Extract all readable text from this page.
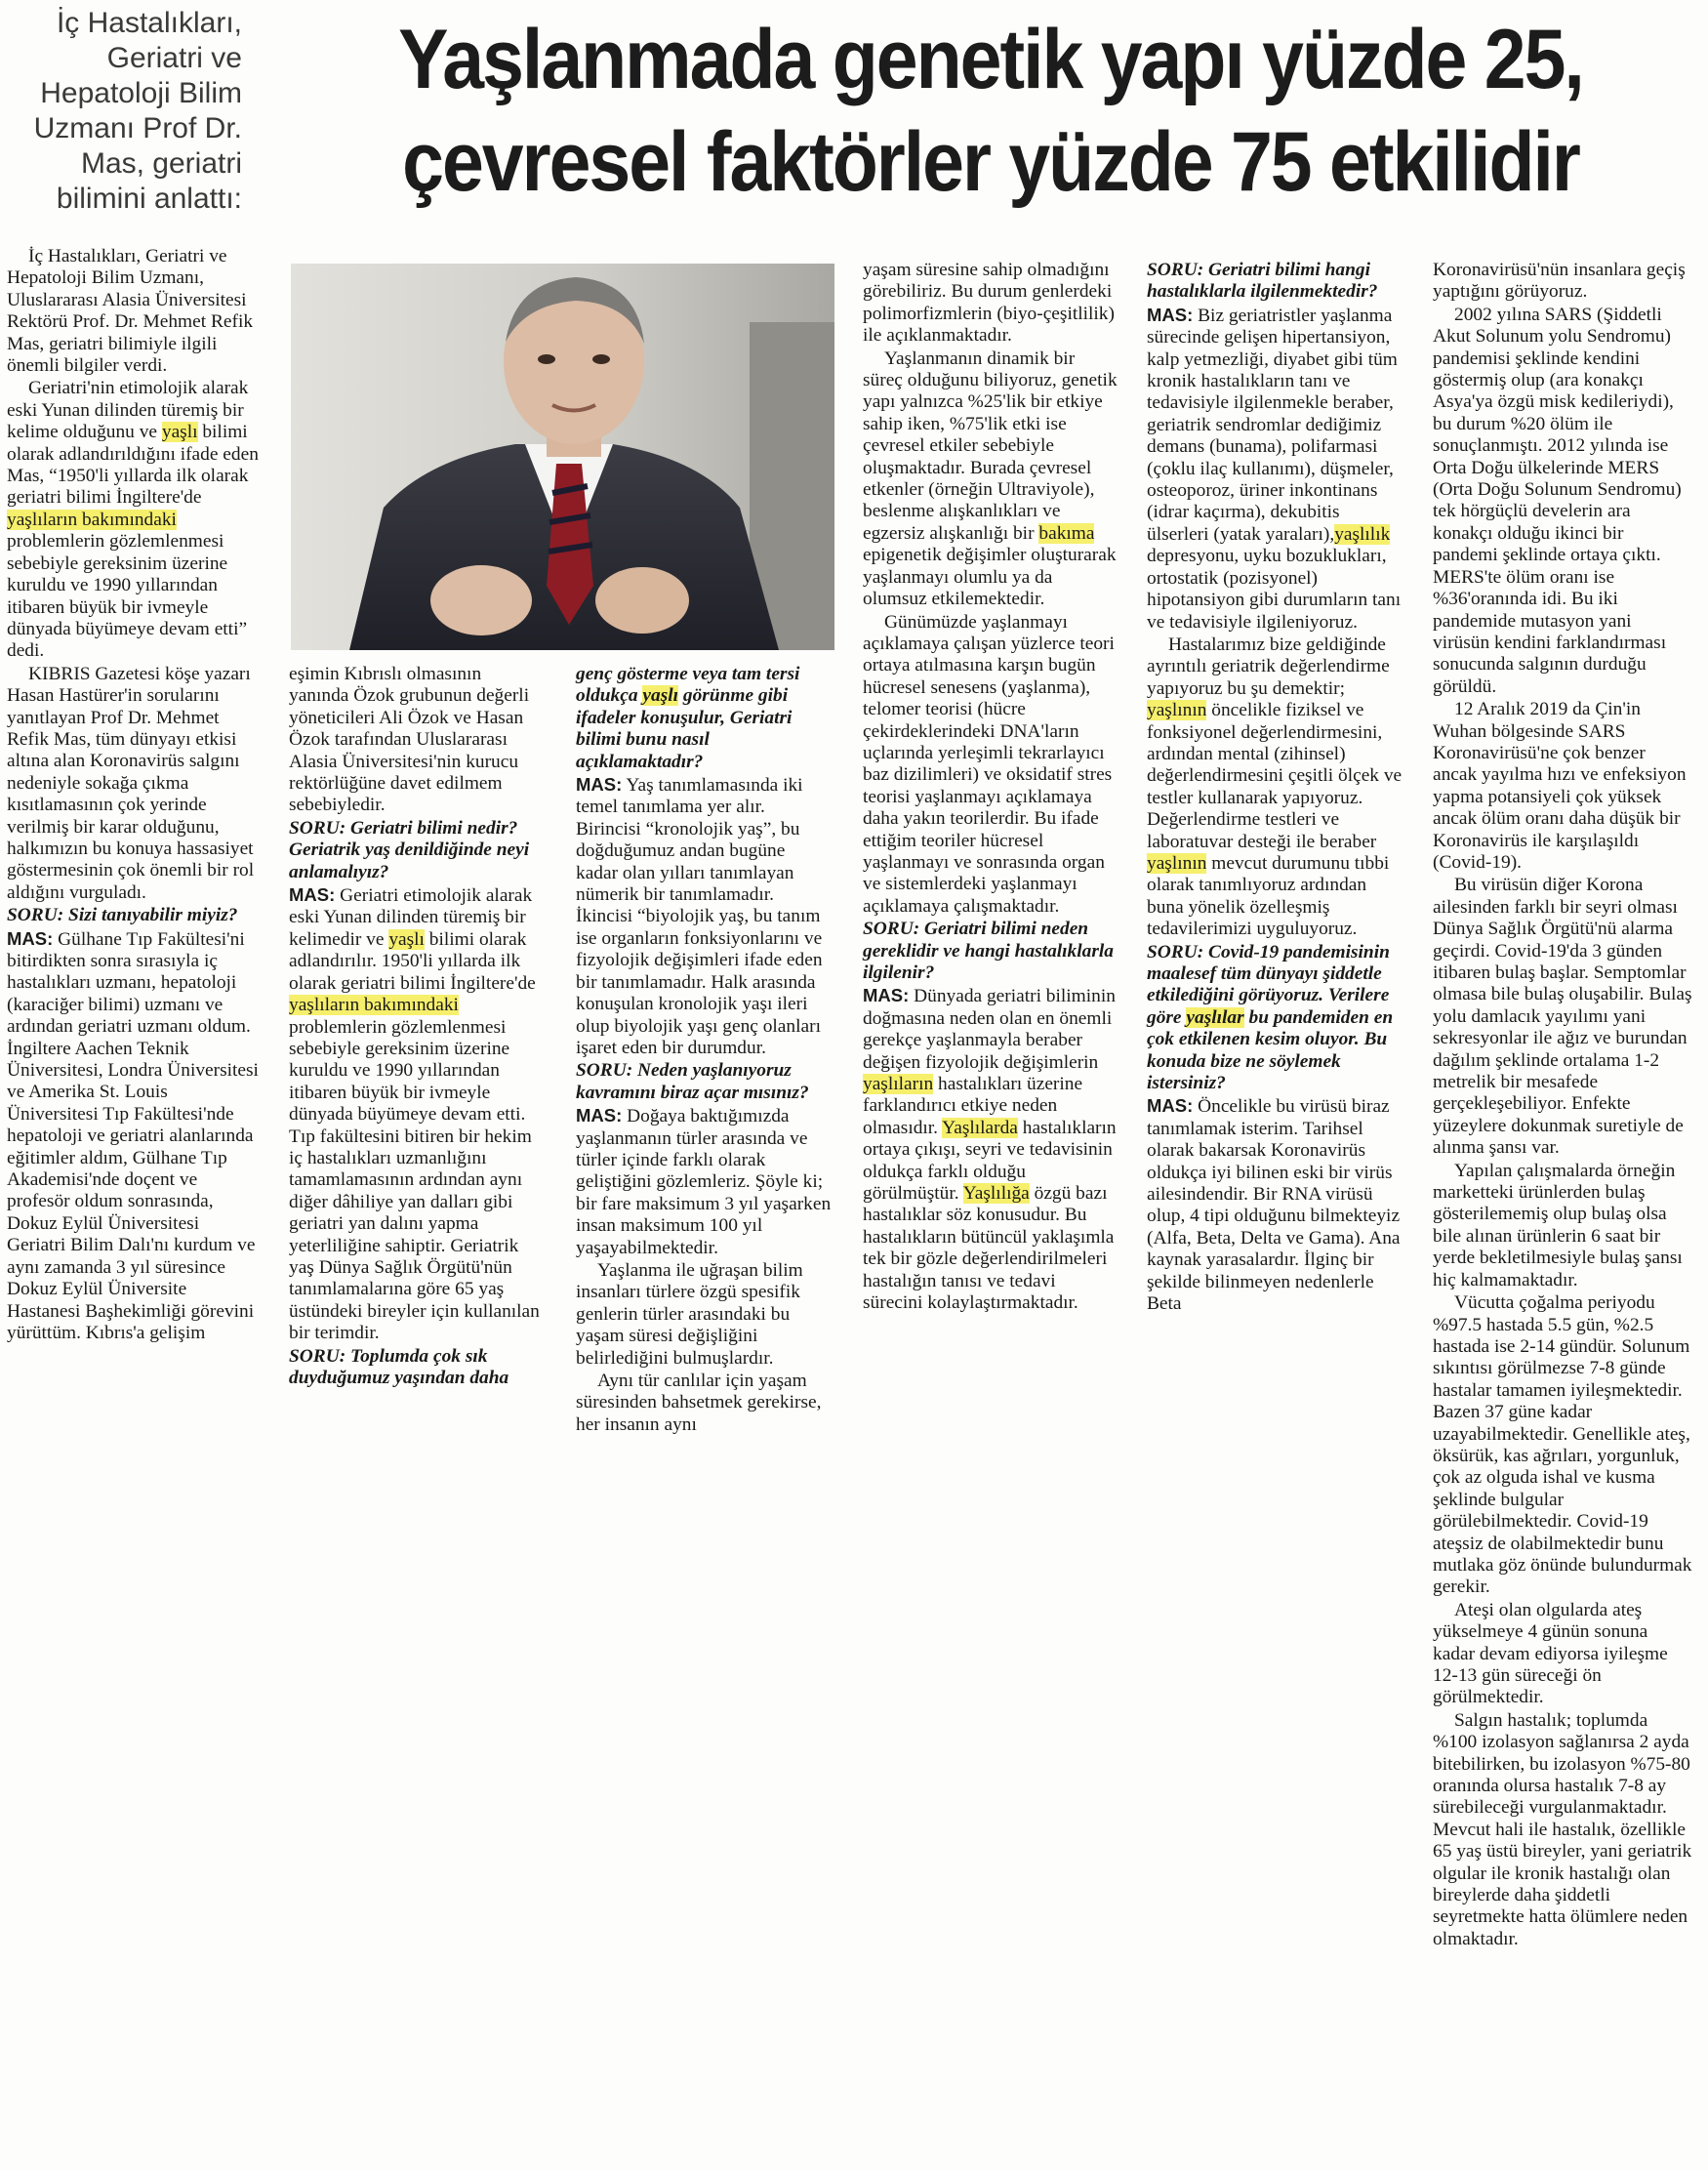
İç Hastalıkları, Geriatri ve Hepatoloji Bilim Uzmanı Prof Dr. Mas, geriatri bilimini anlattı:
Yaşlanmada genetik yapı yüzde 25,
çevresel faktörler yüzde 75 etkilidir

İç Hastalıkları, Geriatri ve Hepatoloji Bilim Uzmanı, Uluslararası Alasia Üniversitesi Rektörü Prof. Dr. Mehmet Refik Mas, geriatri bilimiyle ilgili önemli bilgiler verdi.

Geriatri'nin etimolojik alarak eski Yunan dilinden türemiş bir kelime olduğunu ve yaşlı bilimi olarak adlandırıldığını ifade eden Mas, “1950'li yıllarda ilk olarak geriatri bilimi İngiltere'de yaşlıların bakımındaki problemlerin gözlemlenmesi sebebiyle gereksinim üzerine kuruldu ve 1990 yıllarından itibaren büyük bir ivmeyle dünyada büyümeye devam etti” dedi.

KIBRIS Gazetesi köşe yazarı Hasan Hastürer'in sorularını yanıtlayan Prof Dr. Mehmet Refik Mas, tüm dünyayı etkisi altına alan Koronavirüs salgını nedeniyle sokağa çıkma kısıtlamasının çok yerinde verilmiş bir karar olduğunu, halkımızın bu konuya hassasiyet göstermesinin çok önemli bir rol aldığını vurguladı.

SORU: Sizi tanıyabilir miyiz?

MAS: Gülhane Tıp Fakültesi'ni bitirdikten sonra sırasıyla iç hastalıkları uzmanı, hepatoloji (karaciğer bilimi) uzmanı ve ardından geriatri uzmanı oldum. İngiltere Aachen Teknik Üniversitesi, Londra Üniversitesi ve Amerika St. Louis Üniversitesi Tıp Fakültesi'nde hepatoloji ve geriatri alanlarında eğitimler aldım, Gülhane Tıp Akademisi'nde doçent ve profesör oldum sonrasında, Dokuz Eylül Üniversitesi Geriatri Bilim Dalı'nı kurdum ve aynı zamanda 3 yıl süresince Dokuz Eylül Üniversite Hastanesi Başhekimliği görevini yürüttüm. Kıbrıs'a gelişim

eşimin Kıbrıslı olmasının yanında Özok grubunun değerli yöneticileri Ali Özok ve Hasan Özok tarafından Uluslararası Alasia Üniversitesi'nin kurucu rektörlüğüne davet edilmem sebebiyledir.

SORU: Geriatri bilimi nedir? Geriatrik yaş denildiğinde neyi anlamalıyız?

MAS: Geriatri etimolojik alarak eski Yunan dilinden türemiş bir kelimedir ve yaşlı bilimi olarak adlandırılır. 1950'li yıllarda ilk olarak geriatri bilimi İngiltere'de yaşlıların bakımındaki problemlerin gözlemlenmesi sebebiyle gereksinim üzerine kuruldu ve 1990 yıllarından itibaren büyük bir ivmeyle dünyada büyümeye devam etti. Tıp fakültesini bitiren bir hekim iç hastalıkları uzmanlığını tamamlamasının ardından aynı diğer dâhiliye yan dalları gibi geriatri yan dalını yapma yeterliliğine sahiptir. Geriatrik yaş Dünya Sağlık Örgütü'nün tanımlamalarına göre 65 yaş üstündeki bireyler için kullanılan bir terimdir.

SORU: Toplumda çok sık duyduğumuz yaşından daha

genç gösterme veya tam tersi oldukça yaşlı görünme gibi ifadeler konuşulur, Geriatri bilimi bunu nasıl açıklamaktadır?

MAS: Yaş tanımlamasında iki temel tanımlama yer alır. Birincisi “kronolojik yaş”, bu doğduğumuz andan bugüne kadar olan yılları tanımlayan nümerik bir tanımlamadır. İkincisi “biyolojik yaş, bu tanım ise organların fonksiyonlarını ve fizyolojik değişimleri ifade eden bir tanımlamadır. Halk arasında konuşulan kronolojik yaşı ileri olup biyolojik yaşı genç olanları işaret eden bir durumdur.

SORU: Neden yaşlanıyoruz kavramını biraz açar mısınız?

MAS: Doğaya baktığımızda yaşlanmanın türler arasında ve türler içinde farklı olarak geliştiğini gözlemleriz. Şöyle ki; bir fare maksimum 3 yıl yaşarken insan maksimum 100 yıl yaşayabilmektedir.

Yaşlanma ile uğraşan bilim insanları türlere özgü spesifik genlerin türler arasındaki bu yaşam süresi değişliğini belirlediğini bulmuşlardır.

Aynı tür canlılar için yaşam süresinden bahsetmek gerekirse, her insanın aynı

yaşam süresine sahip olmadığını görebiliriz. Bu durum genlerdeki polimorfizmlerin (biyo-çeşitlilik) ile açıklanmaktadır.

Yaşlanmanın dinamik bir süreç olduğunu biliyoruz, genetik yapı yalnızca %25'lik bir etkiye sahip iken, %75'lik etki ise çevresel etkiler sebebiyle oluşmaktadır. Burada çevresel etkenler (örneğin Ultraviyole), beslenme alışkanlıkları ve egzersiz alışkanlığı bir bakıma epigenetik değişimler oluşturarak yaşlanmayı olumlu ya da olumsuz etkilemektedir.

Günümüzde yaşlanmayı açıklamaya çalışan yüzlerce teori ortaya atılmasına karşın bugün hücresel senesens (yaşlanma), telomer teorisi (hücre çekirdeklerindeki DNA'ların uçlarında yerleşimli tekrarlayıcı baz dizilimleri) ve oksidatif stres teorisi yaşlanmayı açıklamaya daha yakın teorilerdir. Bu ifade ettiğim teoriler hücresel yaşlanmayı ve sonrasında organ ve sistemlerdeki yaşlanmayı açıklamaya çalışmaktadır.

SORU: Geriatri bilimi neden gereklidir ve hangi hastalıklarla ilgilenir?

MAS: Dünyada geriatri biliminin doğmasına neden olan en önemli gerekçe yaşlanmayla beraber değişen fizyolojik değişimlerin yaşlıların hastalıkları üzerine farklandırıcı etkiye neden olmasıdır. Yaşlılarda hastalıkların ortaya çıkışı, seyri ve tedavisinin oldukça farklı olduğu görülmüştür. Yaşlılığa özgü bazı hastalıklar söz konusudur. Bu hastalıkların bütüncül yaklaşımla tek bir gözle değerlendirilmeleri hastalığın tanısı ve tedavi sürecini kolaylaştırmaktadır.

SORU: Geriatri bilimi hangi hastalıklarla ilgilenmektedir?

MAS: Biz geriatristler yaşlanma sürecinde gelişen hipertansiyon, kalp yetmezliği, diyabet gibi tüm kronik hastalıkların tanı ve tedavisiyle ilgilenmekle beraber, geriatrik sendromlar dediğimiz demans (bunama), polifarmasi (çoklu ilaç kullanımı), düşmeler, osteoporoz, üriner inkontinans (idrar kaçırma), dekubitis ülserleri (yatak yaraları),yaşlılık depresyonu, uyku bozuklukları, ortostatik (pozisyonel) hipotansiyon gibi durumların tanı ve tedavisiyle ilgileniyoruz.

Hastalarımız bize geldiğinde ayrıntılı geriatrik değerlendirme yapıyoruz bu şu demektir; yaşlının öncelikle fiziksel ve fonksiyonel değerlendirmesini, ardından mental (zihinsel) değerlendirmesini çeşitli ölçek ve testler kullanarak yapıyoruz. Değerlendirme testleri ve laboratuvar desteği ile beraber yaşlının mevcut durumunu tıbbi olarak tanımlıyoruz ardından buna yönelik özelleşmiş tedavilerimizi uyguluyoruz.

SORU: Covid-19 pandemisinin maalesef tüm dünyayı şiddetle etkilediğini görüyoruz. Verilere göre yaşlılar bu pandemiden en çok etkilenen kesim oluyor. Bu konuda bize ne söylemek istersiniz?

MAS: Öncelikle bu virüsü biraz tanımlamak isterim. Tarihsel olarak bakarsak Koronavirüs oldukça iyi bilinen eski bir virüs ailesindendir. Bir RNA virüsü olup, 4 tipi olduğunu bilmekteyiz (Alfa, Beta, Delta ve Gama). Ana kaynak yarasalardır. İlginç bir şekilde bilinmeyen nedenlerle Beta

Koronavirüsü'nün insanlara geçiş yaptığını görüyoruz.

2002 yılına SARS (Şiddetli Akut Solunum yolu Sendromu) pandemisi şeklinde kendini göstermiş olup (ara konakçı Asya'ya özgü misk kedileriydi), bu durum %20 ölüm ile sonuçlanmıştı. 2012 yılında ise Orta Doğu ülkelerinde MERS (Orta Doğu Solunum Sendromu) tek hörgüçlü develerin ara konakçı olduğu ikinci bir pandemi şeklinde ortaya çıktı. MERS'te ölüm oranı ise %36'oranında idi. Bu iki pandemide mutasyon yani virüsün kendini farklandırması sonucunda salgının durduğu görüldü.

12 Aralık 2019 da Çin'in Wuhan bölgesinde SARS Koronavirüsü'ne çok benzer ancak yayılma hızı ve enfeksiyon yapma potansiyeli çok yüksek ancak ölüm oranı daha düşük bir Koronavirüs ile karşılaşıldı (Covid-19).

Bu virüsün diğer Korona ailesinden farklı bir seyri olması Dünya Sağlık Örgütü'nü alarma geçirdi. Covid-19'da 3 günden itibaren bulaş başlar. Semptomlar olmasa bile bulaş oluşabilir. Bulaş yolu damlacık yayılımı yani sekresyonlar ile ağız ve burundan dağılım şeklinde ortalama 1-2 metrelik bir mesafede gerçekleşebiliyor. Enfekte yüzeylere dokunmak suretiyle de alınma şansı var.

Yapılan çalışmalarda örneğin marketteki ürünlerden bulaş gösterilememiş olup bulaş olsa bile alınan ürünlerin 6 saat bir yerde bekletilmesiyle bulaş şansı hiç kalmamaktadır.

Vücutta çoğalma periyodu %97.5 hastada 5.5 gün, %2.5 hastada ise 2-14 gündür. Solunum sıkıntısı görülmezse 7-8 günde hastalar tamamen iyileşmektedir. Bazen 37 güne kadar uzayabilmektedir. Genellikle ateş, öksürük, kas ağrıları, yorgunluk, çok az olguda ishal ve kusma şeklinde bulgular görülebilmektedir. Covid-19 ateşsiz de olabilmektedir bunu mutlaka göz önünde bulundurmak gerekir.

Ateşi olan olgularda ateş yükselmeye 4 günün sonuna kadar devam ediyorsa iyileşme 12-13 gün süreceği ön görülmektedir.

Salgın hastalık; toplumda %100 izolasyon sağlanırsa 2 ayda bitebilirken, bu izolasyon %75-80 oranında olursa hastalık 7-8 ay sürebileceği vurgulanmaktadır. Mevcut hali ile hastalık, özellikle 65 yaş üstü bireyler, yani geriatrik olgular ile kronik hastalığı olan bireylerde daha şiddetli seyretmekte hatta ölümlere neden olmaktadır.
